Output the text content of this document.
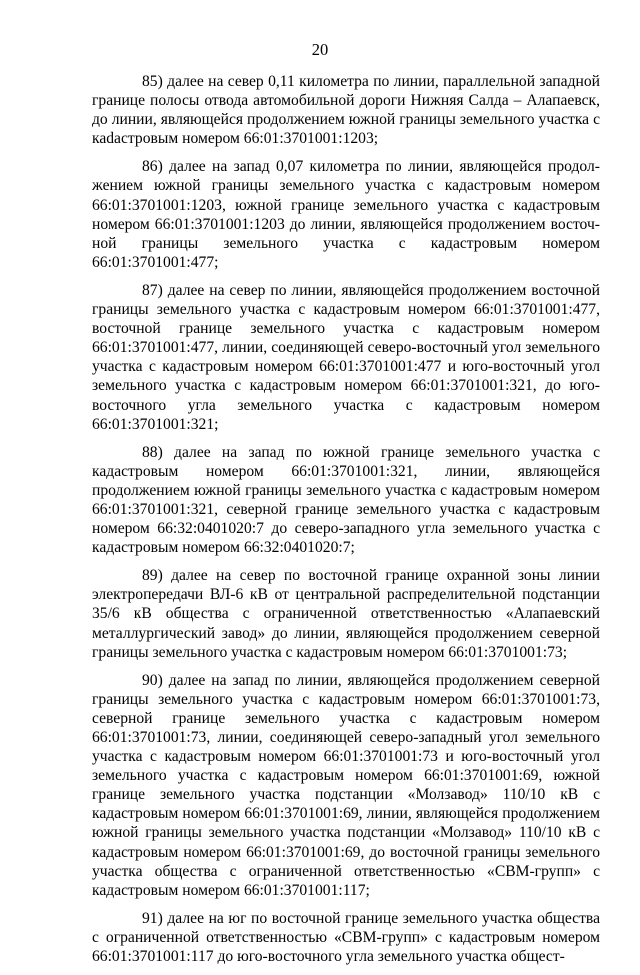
20

85) далее на север 0,11 километра по линии, параллельной западной границе полосы отвода автомобильной дороги Нижняя Салда – Алапаевск, до линии, являющейся продолжением южной границы земельного участка с каdастровым номером 66:01:3701001:1203;

86) далее на запад 0,07 километра по линии, являющейся продолжением южной границы земельного участка с кадастровым номером 66:01:3701001:1203, южной границе земельного участка с кадастровым номером 66:01:3701001:1203 до линии, являющейся продолжением восточной границы земельного участка с кадастровым номером 66:01:3701001:477;

87) далее на север по линии, являющейся продолжением восточной границы земельного участка с кадастровым номером 66:01:3701001:477, восточной границе земельного участка с кадастровым номером 66:01:3701001:477, линии, соединяющей северо-восточный угол земельного участка с кадастровым номером 66:01:3701001:477 и юго-восточный угол земельного участка с кадастровым номером 66:01:3701001:321, до юго-восточного угла земельного участка с кадастровым номером 66:01:3701001:321;

88) далее на запад по южной границе земельного участка с кадастровым номером 66:01:3701001:321, линии, являющейся продолжением южной границы земельного участка с кадастровым номером 66:01:3701001:321, северной границе земельного участка с кадастровым номером 66:32:0401020:7 до северо-западного угла земельного участка с кадастровым номером 66:32:0401020:7;

89) далее на север по восточной границе охранной зоны линии электропередачи ВЛ-6 кВ от центральной распределительной подстанции 35/6 кВ общества с ограниченной ответственностью «Алапаевский металлургический завод» до линии, являющейся продолжением северной границы земельного участка с кадастровым номером 66:01:3701001:73;

90) далее на запад по линии, являющейся продолжением северной границы земельного участка с кадастровым номером 66:01:3701001:73, северной границе земельного участка с кадастровым номером 66:01:3701001:73, линии, соединяющей северо-западный угол земельного участка с кадастровым номером 66:01:3701001:73 и юго-восточный угол земельного участка с кадастровым номером 66:01:3701001:69, южной границе земельного участка подстанции «Молзавод» 110/10 кВ с кадастровым номером 66:01:3701001:69, линии, являющейся продолжением южной границы земельного участка подстанции «Молзавод» 110/10 кВ с кадастровым номером 66:01:3701001:69, до восточной границы земельного участка общества с ограниченной ответственностью «СВМ-групп» с кадастровым номером 66:01:3701001:117;

91) далее на юг по восточной границе земельного участка общества с ограниченной ответственностью «СВМ-групп» с кадастровым номером 66:01:3701001:117 до юго-восточного угла земельного участка общест-
